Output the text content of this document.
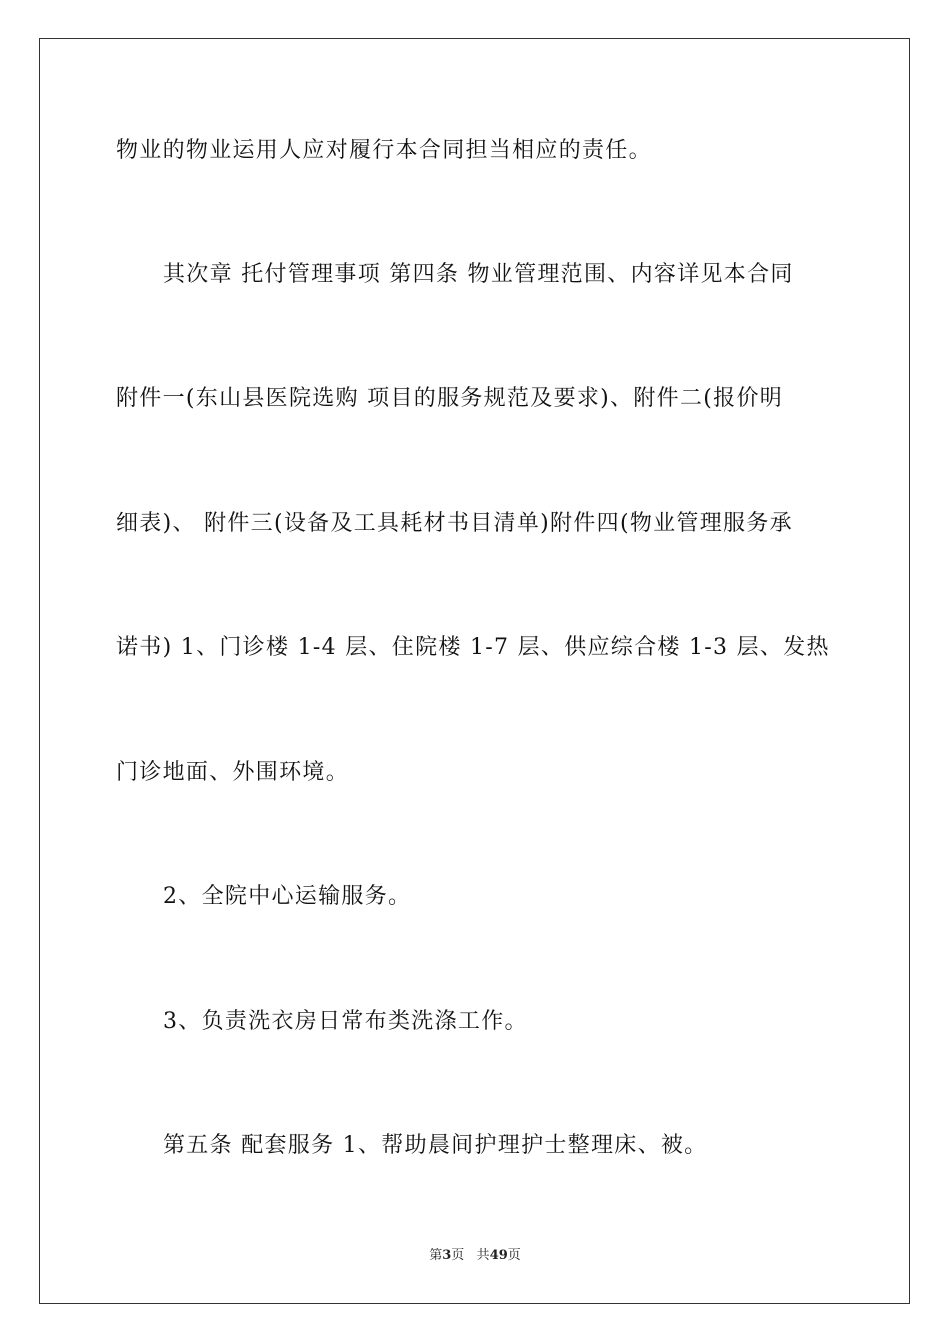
物业的物业运用人应对履行本合同担当相应的责任。
其次章 托付管理事项 第四条 物业管理范围、内容详见本合同
附件一(东山县医院选购 项目的服务规范及要求)、附件二(报价明
细表)、 附件三(设备及工具耗材书目清单)附件四(物业管理服务承
诺书) 1、门诊楼 1-4 层、住院楼 1-7 层、供应综合楼 1-3 层、发热
门诊地面、外围环境。
2、全院中心运输服务。
3、负责洗衣房日常布类洗涤工作。
第五条 配套服务 1、帮助晨间护理护士整理床、被。
第3页 共49页
